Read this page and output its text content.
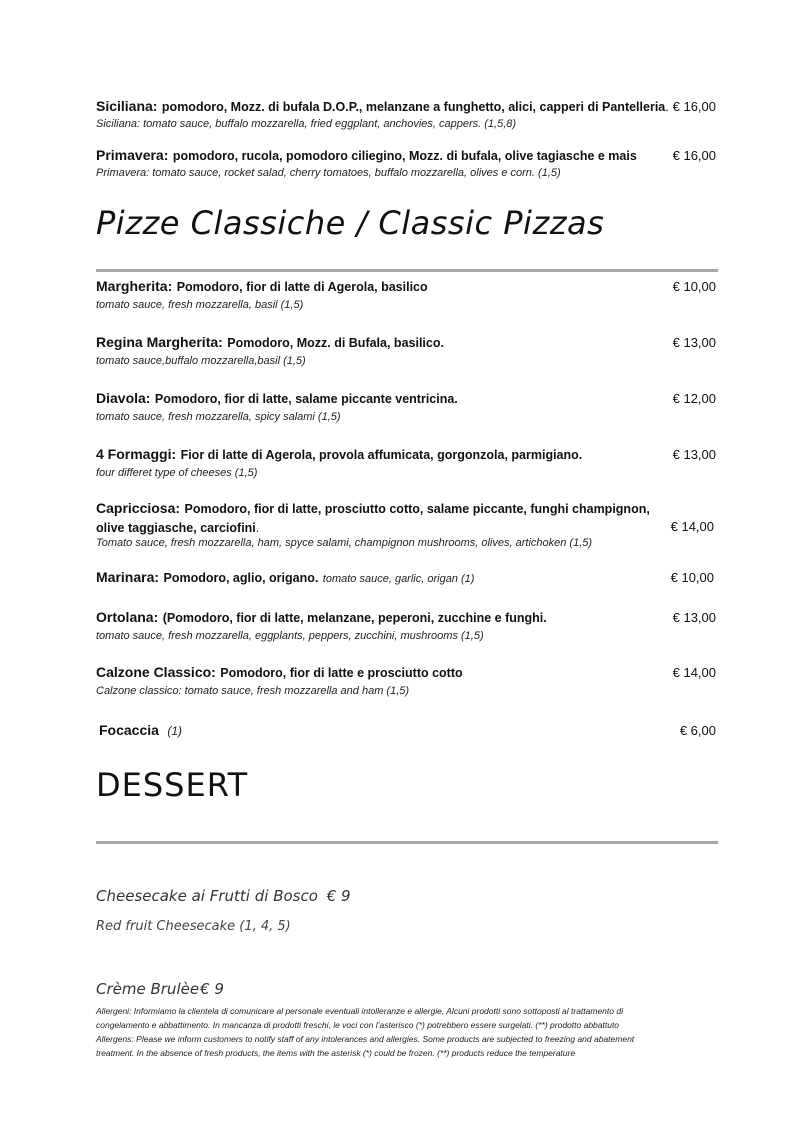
Siciliana: pomodoro, Mozz. di bufala D.O.P., melanzane a funghetto, alici, capperi di Pantelleria.
Siciliana: tomato sauce, buffalo mozzarella, fried eggplant, anchovies, cappers. (1,5,8)
€ 16,00
Primavera: pomodoro, rucola, pomodoro ciliegino, Mozz. di bufala, olive tagiasche e mais
Primavera: tomato sauce, rocket salad, cherry tomatoes, buffalo mozzarella, olives e corn. (1,5)
€ 16,00
Pizze Classiche / Classic Pizzas
Margherita: Pomodoro, fior di latte di Agerola, basilico
tomato sauce, fresh mozzarella, basil (1,5)
€ 10,00
Regina Margherita: Pomodoro, Mozz. di Bufala, basilico.
tomato sauce,buffalo mozzarella,basil (1,5)
€ 13,00
Diavola: Pomodoro, fior di latte, salame piccante ventricina.
tomato sauce, fresh mozzarella, spicy salami (1,5)
€ 12,00
4 Formaggi: Fior di latte di Agerola, provola affumicata, gorgonzola, parmigiano.
four differet type of cheeses (1,5)
€ 13,00
Capricciosa: Pomodoro, fior di latte, prosciutto cotto, salame piccante, funghi champignon,
olive taggiasche, carciofini.
Tomato sauce, fresh mozzarella, ham, spyce salami, champignon mushrooms, olives, artichoken (1,5)
€ 14,00
Marinara: Pomodoro, aglio, origano. tomato sauce, garlic, origan (1)	€ 10,00
Ortolana: (Pomodoro, fior di latte, melanzane, peperoni, zucchine e funghi.
tomato sauce, fresh mozzarella, eggplants, peppers, zucchini, mushrooms (1,5)
€ 13,00
Calzone Classico: Pomodoro, fior di latte e prosciutto cotto
Calzone classico: tomato sauce, fresh mozzarella and ham (1,5)
€ 14,00
Focaccia (1)	€ 6,00
DESSERT
Cheesecake ai Frutti di Bosco € 9
Red fruit Cheesecake (1, 4, 5)
Crème Brulèe€ 9
Allergeni: Informiamo la clientela di comunicare al personale eventuali intolleranze e allergie, Alcuni prodotti sono sottoposti al trattamento di
congelamento e abbattimento. In mancanza di prodotti freschi, le voci con l’asterisco (*) potrebbero essere surgelati. (**) prodotto abbattuto
Allergens: Please we inform customers to notify staff of any intolerances and allergies. Some products are subjected to freezing and abatement
treatment. In the absence of fresh products, the items with the asterisk (*) could be frozen. (**) products reduce the temperature
